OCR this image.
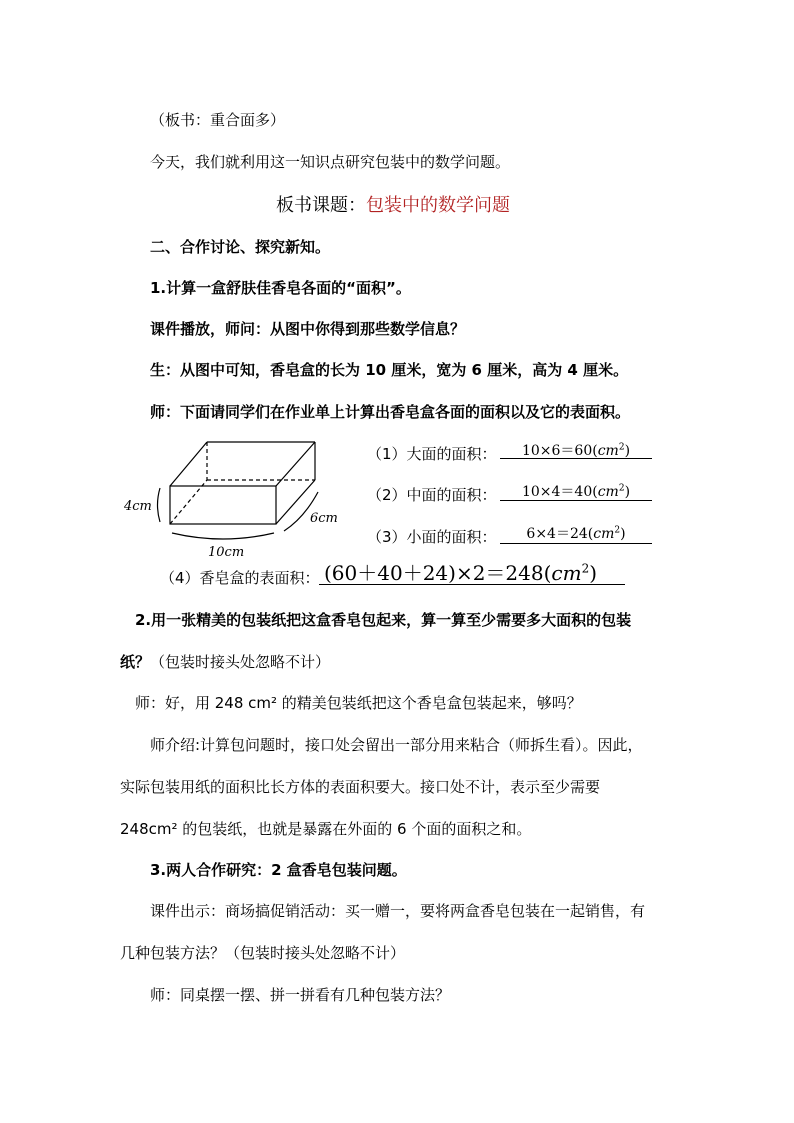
（板书：重合面多）
今天，我们就利用这一知识点研究包装中的数学问题。
板书课题：包装中的数学问题
二、合作讨论、探究新知。
1.计算一盒舒肤佳香皂各面的“面积”。
课件播放，师问：从图中你得到那些数学信息？
生：从图中可知，香皂盒的长为 10 厘米，宽为 6 厘米，高为 4 厘米。
师：下面请同学们在作业单上计算出香皂盒各面的面积以及它的表面积。
4cm
6cm
10cm
（1）大面的面积：	$10\times 6=60(cm^2)$
（2）中面的面积：	$10\times 4=40(cm^2)$
（3）小面的面积：	$6\times 4=24(cm^2)$
（4）香皂盒的表面积： $(60+40+24)\times 2=248(cm^2)$
2.用一张精美的包装纸把这盒香皂包起来，算一算至少需要多大面积的包装
纸？（包装时接头处忽略不计）
师：好，用 248 cm² 的精美包装纸把这个香皂盒包装起来，够吗？
师介绍:计算包问题时，接口处会留出一部分用来粘合（师拆生看）。因此，
实际包装用纸的面积比长方体的表面积要大。接口处不计，表示至少需要
248cm² 的包装纸，也就是暴露在外面的 6 个面的面积之和。
3.两人合作研究：2 盒香皂包装问题。
课件出示：商场搞促销活动：买一赠一，要将两盒香皂包装在一起销售，有
几种包装方法？（包装时接头处忽略不计）
师：同桌摆一摆、拼一拼看有几种包装方法？
